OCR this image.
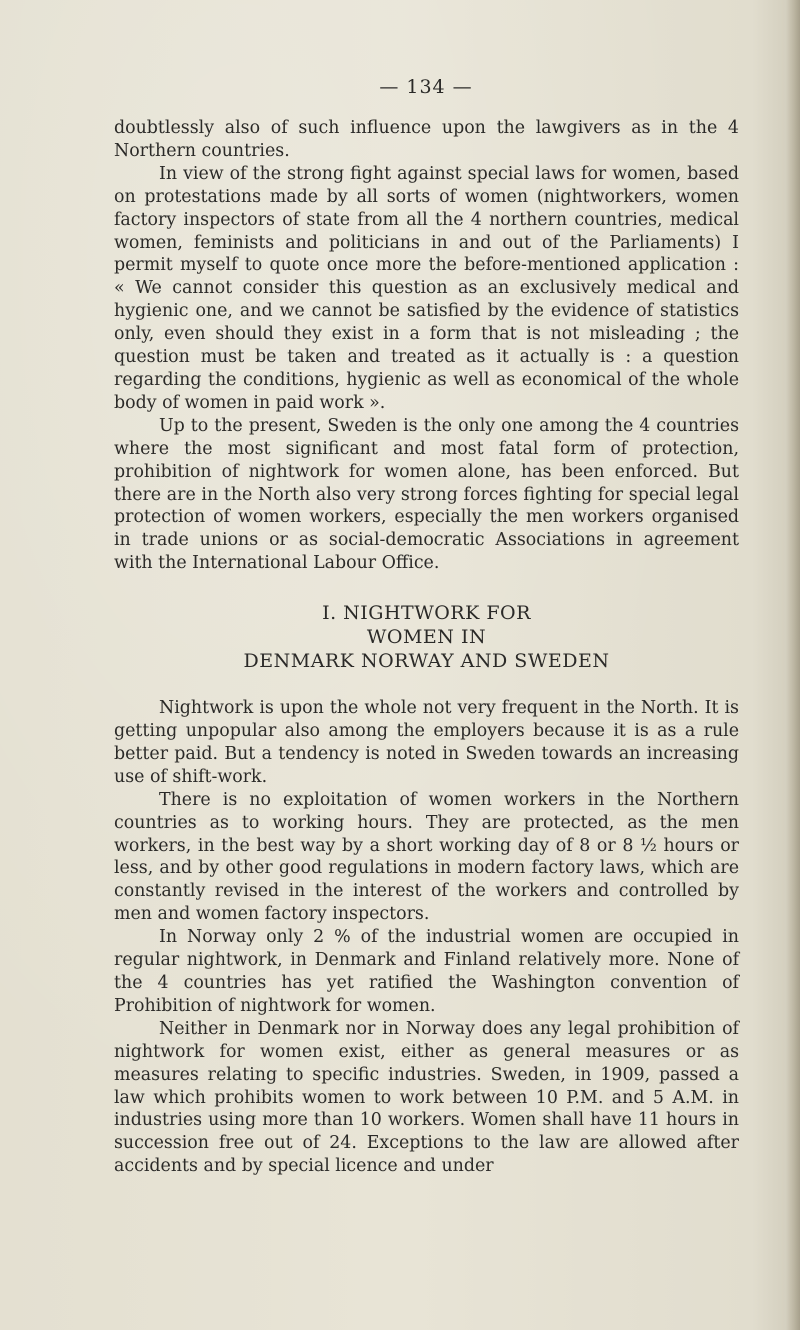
— 134 —

doubtlessly also of such influence upon the lawgivers as in the 4 Northern countries.

In view of the strong fight against special laws for women, based on protestations made by all sorts of women (nightworkers, women factory inspectors of state from all the 4 northern countries, medical women, feminists and politicians in and out of the Parliaments) I permit myself to quote once more the before-mentioned application : « We cannot consider this question as an exclusively medical and hygienic one, and we cannot be satisfied by the evidence of statistics only, even should they exist in a form that is not misleading ; the question must be taken and treated as it actually is : a question regarding the conditions, hygienic as well as economical of the whole body of women in paid work ».

Up to the present, Sweden is the only one among the 4 countries where the most significant and most fatal form of protection, prohibition of nightwork for women alone, has been enforced. But there are in the North also very strong forces fighting for special legal protection of women workers, especially the men workers organised in trade unions or as social-democratic Associations in agreement with the International Labour Office.

I. NIGHTWORK FOR
WOMEN IN
DENMARK NORWAY AND SWEDEN

Nightwork is upon the whole not very frequent in the North. It is getting unpopular also among the employers because it is as a rule better paid. But a tendency is noted in Sweden towards an increasing use of shift-work.

There is no exploitation of women workers in the Northern countries as to working hours. They are protected, as the men workers, in the best way by a short working day of 8 or 8 ½ hours or less, and by other good regulations in modern factory laws, which are constantly revised in the interest of the workers and controlled by men and women factory inspectors.

In Norway only 2 % of the industrial women are occupied in regular nightwork, in Denmark and Finland relatively more. None of the 4 countries has yet ratified the Washington convention of Prohibition of nightwork for women.

Neither in Denmark nor in Norway does any legal prohibition of nightwork for women exist, either as general measures or as measures relating to specific industries. Sweden, in 1909, passed a law which prohibits women to work between 10 P.M. and 5 A.M. in industries using more than 10 workers. Women shall have 11 hours in succession free out of 24. Exceptions to the law are allowed after accidents and by special licence and under
